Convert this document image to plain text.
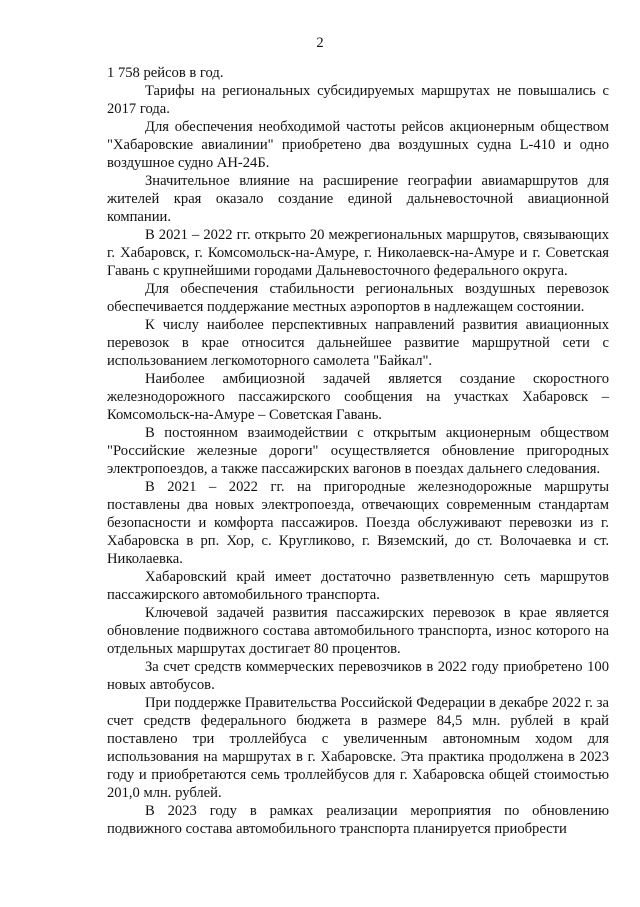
2

1 758 рейсов в год.

Тарифы на региональных субсидируемых маршрутах не повышались с 2017 года.

Для обеспечения необходимой частоты рейсов акционерным обществом "Хабаровские авиалинии" приобретено два воздушных судна L-410 и одно воздушное судно АН-24Б.

Значительное влияние на расширение географии авиамаршрутов для жителей края оказало создание единой дальневосточной авиационной компании.

В 2021 – 2022 гг. открыто 20 межрегиональных маршрутов, связывающих г. Хабаровск, г. Комсомольск-на-Амуре, г. Николаевск-на-Амуре и г. Советская Гавань с крупнейшими городами Дальневосточного федерального округа.

Для обеспечения стабильности региональных воздушных перевозок обеспечивается поддержание местных аэропортов в надлежащем состоянии.

К числу наиболее перспективных направлений развития авиационных перевозок в крае относится дальнейшее развитие маршрутной сети с использованием легкомоторного самолета "Байкал".

Наиболее амбициозной задачей является создание скоростного железнодорожного пассажирского сообщения на участках Хабаровск – Комсомольск-на-Амуре – Советская Гавань.

В постоянном взаимодействии с открытым акционерным обществом "Российские железные дороги" осуществляется обновление пригородных электропоездов, а также пассажирских вагонов в поездах дальнего следования.

В 2021 – 2022 гг. на пригородные железнодорожные маршруты поставлены два новых электропоезда, отвечающих современным стандартам безопасности и комфорта пассажиров. Поезда обслуживают перевозки из г. Хабаровска в рп. Хор, с. Кругликово, г. Вяземский, до ст. Волочаевка и ст. Николаевка.

Хабаровский край имеет достаточно разветвленную сеть маршрутов пассажирского автомобильного транспорта.

Ключевой задачей развития пассажирских перевозок в крае является обновление подвижного состава автомобильного транспорта, износ которого на отдельных маршрутах достигает 80 процентов.

За счет средств коммерческих перевозчиков в 2022 году приобретено 100 новых автобусов.

При поддержке Правительства Российской Федерации в декабре 2022 г. за счет средств федерального бюджета в размере 84,5 млн. рублей в край поставлено три троллейбуса с увеличенным автономным ходом для использования на маршрутах в г. Хабаровске. Эта практика продолжена в 2023 году и приобретаются семь троллейбусов для г. Хабаровска общей стоимостью 201,0 млн. рублей.

В 2023 году в рамках реализации мероприятия по обновлению подвижного состава автомобильного транспорта планируется приобрести
